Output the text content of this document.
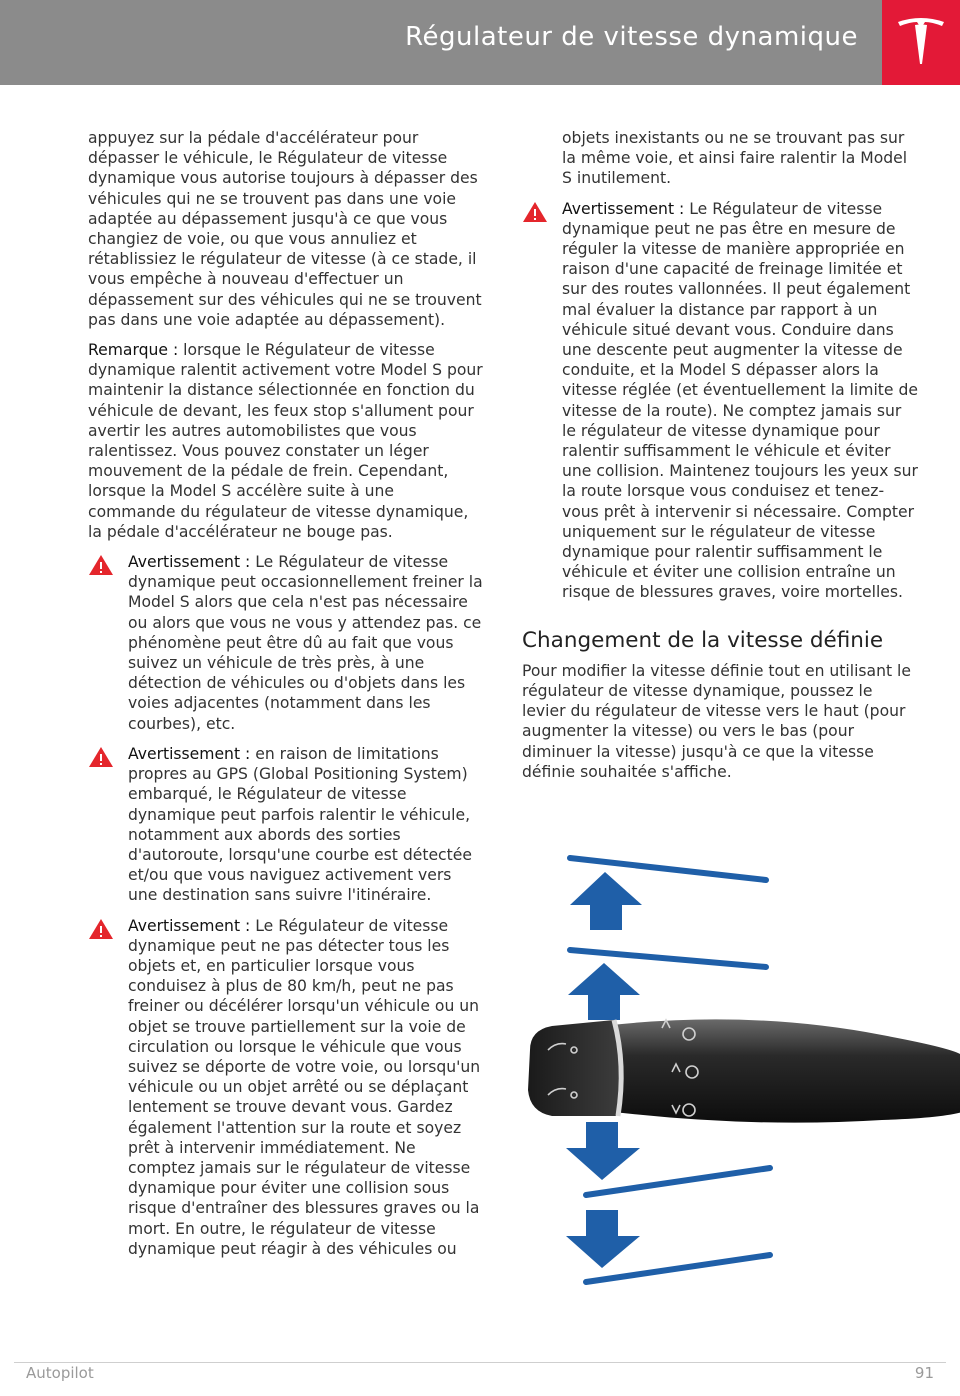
Régulateur de vitesse dynamique

appuyez sur la pédale d'accélérateur pour dépasser le véhicule, le Régulateur de vitesse dynamique vous autorise toujours à dépasser des véhicules qui ne se trouvent pas dans une voie adaptée au dépassement jusqu'à ce que vous changiez de voie, ou que vous annuliez et rétablissiez le régulateur de vitesse (à ce stade, il vous empêche à nouveau d'effectuer un dépassement sur des véhicules qui ne se trouvent pas dans une voie adaptée au dépassement).

Remarque : lorsque le Régulateur de vitesse dynamique ralentit activement votre Model S pour maintenir la distance sélectionnée en fonction du véhicule de devant, les feux stop s'allument pour avertir les autres automobilistes que vous ralentissez. Vous pouvez constater un léger mouvement de la pédale de frein. Cependant, lorsque la Model S accélère suite à une commande du régulateur de vitesse dynamique, la pédale d'accélérateur ne bouge pas.

Avertissement : Le Régulateur de vitesse dynamique peut occasionnellement freiner la Model S alors que cela n'est pas nécessaire ou alors que vous ne vous y attendez pas. ce phénomène peut être dû au fait que vous suivez un véhicule de très près, à une détection de véhicules ou d'objets dans les voies adjacentes (notamment dans les courbes), etc.
Avertissement : en raison de limitations propres au GPS (Global Positioning System) embarqué, le Régulateur de vitesse dynamique peut parfois ralentir le véhicule, notamment aux abords des sorties d'autoroute, lorsqu'une courbe est détectée et/ou que vous naviguez activement vers une destination sans suivre l'itinéraire.
Avertissement : Le Régulateur de vitesse dynamique peut ne pas détecter tous les objets et, en particulier lorsque vous conduisez à plus de 80 km/h, peut ne pas freiner ou décélérer lorsqu'un véhicule ou un objet se trouve partiellement sur la voie de circulation ou lorsque le véhicule que vous suivez se déporte de votre voie, ou lorsqu'un véhicule ou un objet arrêté ou se déplaçant lentement se trouve devant vous. Gardez également l'attention sur la route et soyez prêt à intervenir immédiatement. Ne comptez jamais sur le régulateur de vitesse dynamique pour éviter une collision sous risque d'entraîner des blessures graves ou la mort. En outre, le régulateur de vitesse dynamique peut réagir à des véhicules ou

objets inexistants ou ne se trouvant pas sur la même voie, et ainsi faire ralentir la Model S inutilement.

Avertissement : Le Régulateur de vitesse dynamique peut ne pas être en mesure de réguler la vitesse de manière appropriée en raison d'une capacité de freinage limitée et sur des routes vallonnées. Il peut également mal évaluer la distance par rapport à un véhicule situé devant vous. Conduire dans une descente peut augmenter la vitesse de conduite, et la Model S dépasser alors la vitesse réglée (et éventuellement la limite de vitesse de la route). Ne comptez jamais sur le régulateur de vitesse dynamique pour ralentir suffisamment le véhicule et éviter une collision. Maintenez toujours les yeux sur la route lorsque vous conduisez et tenez-vous prêt à intervenir si nécessaire. Compter uniquement sur le régulateur de vitesse dynamique pour ralentir suffisamment le véhicule et éviter une collision entraîne un risque de blessures graves, voire mortelles.
Changement de la vitesse définie

Pour modifier la vitesse définie tout en utilisant le régulateur de vitesse dynamique, poussez le levier du régulateur de vitesse vers le haut (pour augmenter la vitesse) ou vers le bas (pour diminuer la vitesse) jusqu'à ce que la vitesse définie souhaitée s'affiche.

Autopilot	91
